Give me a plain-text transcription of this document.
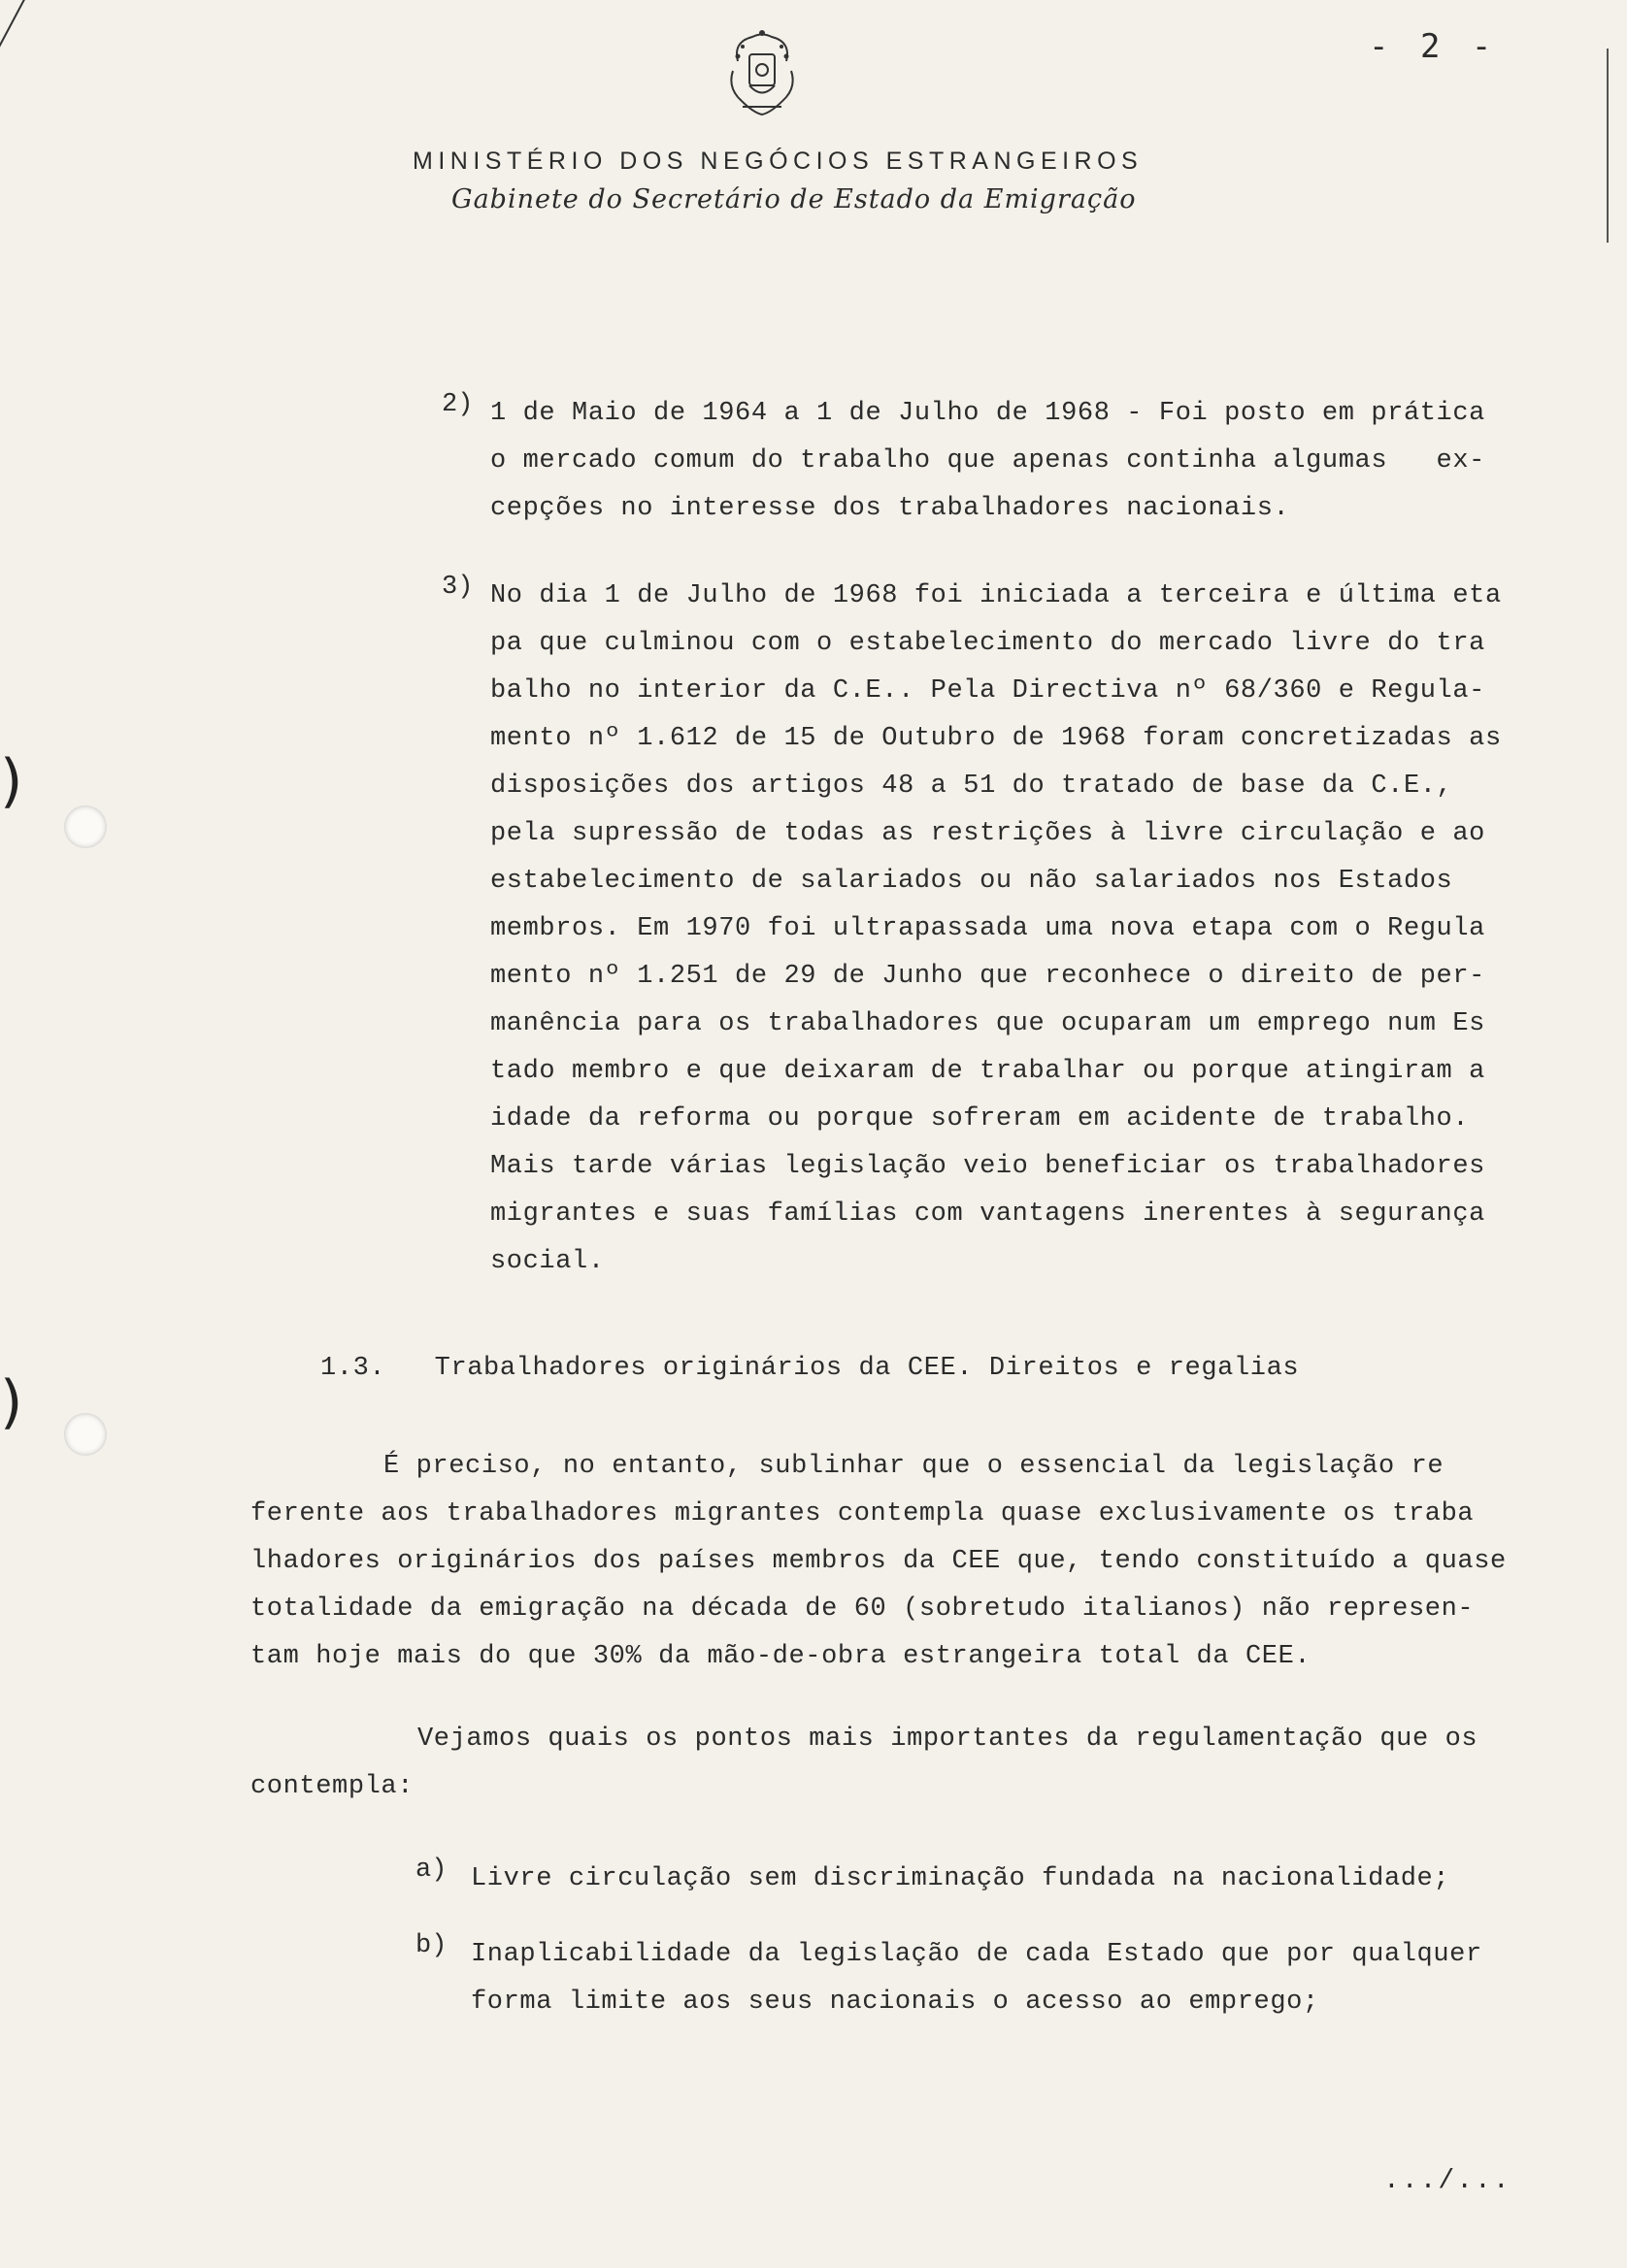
)
)
- 2 -
MINISTÉRIO DOS NEGÓCIOS ESTRANGEIROS
Gabinete do Secretário de Estado da Emigração
2) 1 de Maio de 1964 a 1 de Julho de 1968 - Foi posto em prática
o mercado comum do trabalho que apenas continha algumas   ex-
cepções no interesse dos trabalhadores nacionais.
3) No dia 1 de Julho de 1968 foi iniciada a terceira e última eta
pa que culminou com o estabelecimento do mercado livre do tra
balho no interior da C.E.. Pela Directiva nº 68/360 e Regula-
mento nº 1.612 de 15 de Outubro de 1968 foram concretizadas as
disposições dos artigos 48 a 51 do tratado de base da C.E.,
pela supressão de todas as restrições à livre circulação e ao
estabelecimento de salariados ou não salariados nos Estados
membros. Em 1970 foi ultrapassada uma nova etapa com o Regula
mento nº 1.251 de 29 de Junho que reconhece o direito de per-
manência para os trabalhadores que ocuparam um emprego num Es
tado membro e que deixaram de trabalhar ou porque atingiram a
idade da reforma ou porque sofreram em acidente de trabalho.
Mais tarde várias legislação veio beneficiar os trabalhadores
migrantes e suas famílias com vantagens inerentes à segurança
social.
1.3. Trabalhadores originários da CEE. Direitos e regalias
É preciso, no entanto, sublinhar que o essencial da legislação re
ferente aos trabalhadores migrantes contempla quase exclusivamente os traba
lhadores originários dos países membros da CEE que, tendo constituído a quase
totalidade da emigração na década de 60 (sobretudo italianos) não represen-
tam hoje mais do que 30% da mão-de-obra estrangeira total da CEE.
Vejamos quais os pontos mais importantes da regulamentação que os
contempla:
a) Livre circulação sem discriminação fundada na nacionalidade;
b) Inaplicabilidade da legislação de cada Estado que por qualquer
forma limite aos seus nacionais o acesso ao emprego;
.../...
